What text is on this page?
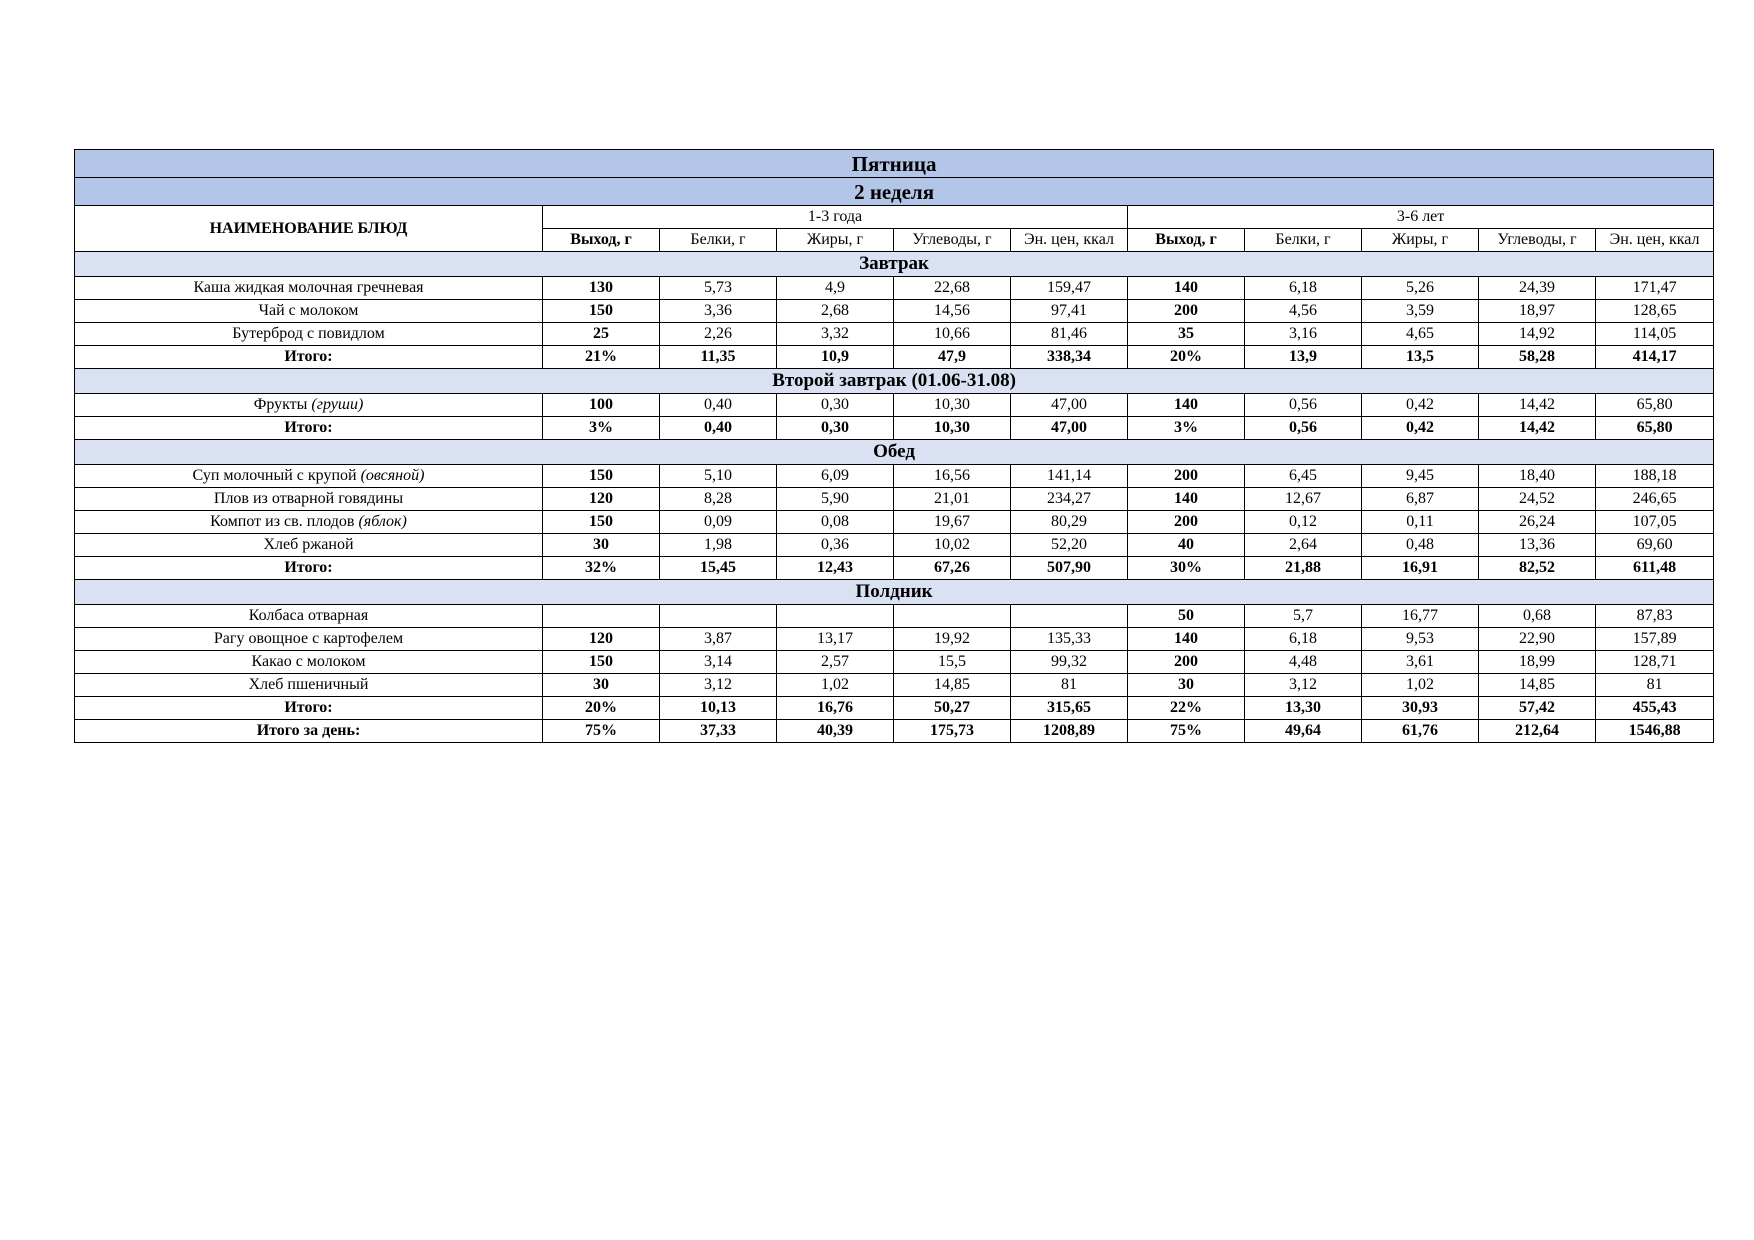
Пятница										
2 неделя										
НАИМЕНОВАНИЕ БЛЮД	1-3 года					3-6 лет				
	Выход, г	Белки, г	Жиры, г	Углеводы, г	Эн. цен, ккал	Выход, г	Белки, г	Жиры, г	Углеводы, г	Эн. цен, ккал
Завтрак										
Каша жидкая молочная гречневая	130	5,73	4,9	22,68	159,47	140	6,18	5,26	24,39	171,47
Чай с молоком	150	3,36	2,68	14,56	97,41	200	4,56	3,59	18,97	128,65
Бутерброд с повидлом	25	2,26	3,32	10,66	81,46	35	3,16	4,65	14,92	114,05
Итого:	21%	11,35	10,9	47,9	338,34	20%	13,9	13,5	58,28	414,17
Второй завтрак (01.06-31.08)										
Фрукты (груши)	100	0,40	0,30	10,30	47,00	140	0,56	0,42	14,42	65,80
Итого:	3%	0,40	0,30	10,30	47,00	3%	0,56	0,42	14,42	65,80
Обед										
Суп молочный с крупой (овсяной)	150	5,10	6,09	16,56	141,14	200	6,45	9,45	18,40	188,18
Плов из отварной говядины	120	8,28	5,90	21,01	234,27	140	12,67	6,87	24,52	246,65
Компот из св. плодов (яблок)	150	0,09	0,08	19,67	80,29	200	0,12	0,11	26,24	107,05
Хлеб ржаной	30	1,98	0,36	10,02	52,20	40	2,64	0,48	13,36	69,60
Итого:	32%	15,45	12,43	67,26	507,90	30%	21,88	16,91	82,52	611,48
Полдник										
Колбаса отварная						50	5,7	16,77	0,68	87,83
Рагу овощное с картофелем	120	3,87	13,17	19,92	135,33	140	6,18	9,53	22,90	157,89
Какао с молоком	150	3,14	2,57	15,5	99,32	200	4,48	3,61	18,99	128,71
Хлеб пшеничный	30	3,12	1,02	14,85	81	30	3,12	1,02	14,85	81
Итого:	20%	10,13	16,76	50,27	315,65	22%	13,30	30,93	57,42	455,43
Итого за день:	75%	37,33	40,39	175,73	1208,89	75%	49,64	61,76	212,64	1546,88
